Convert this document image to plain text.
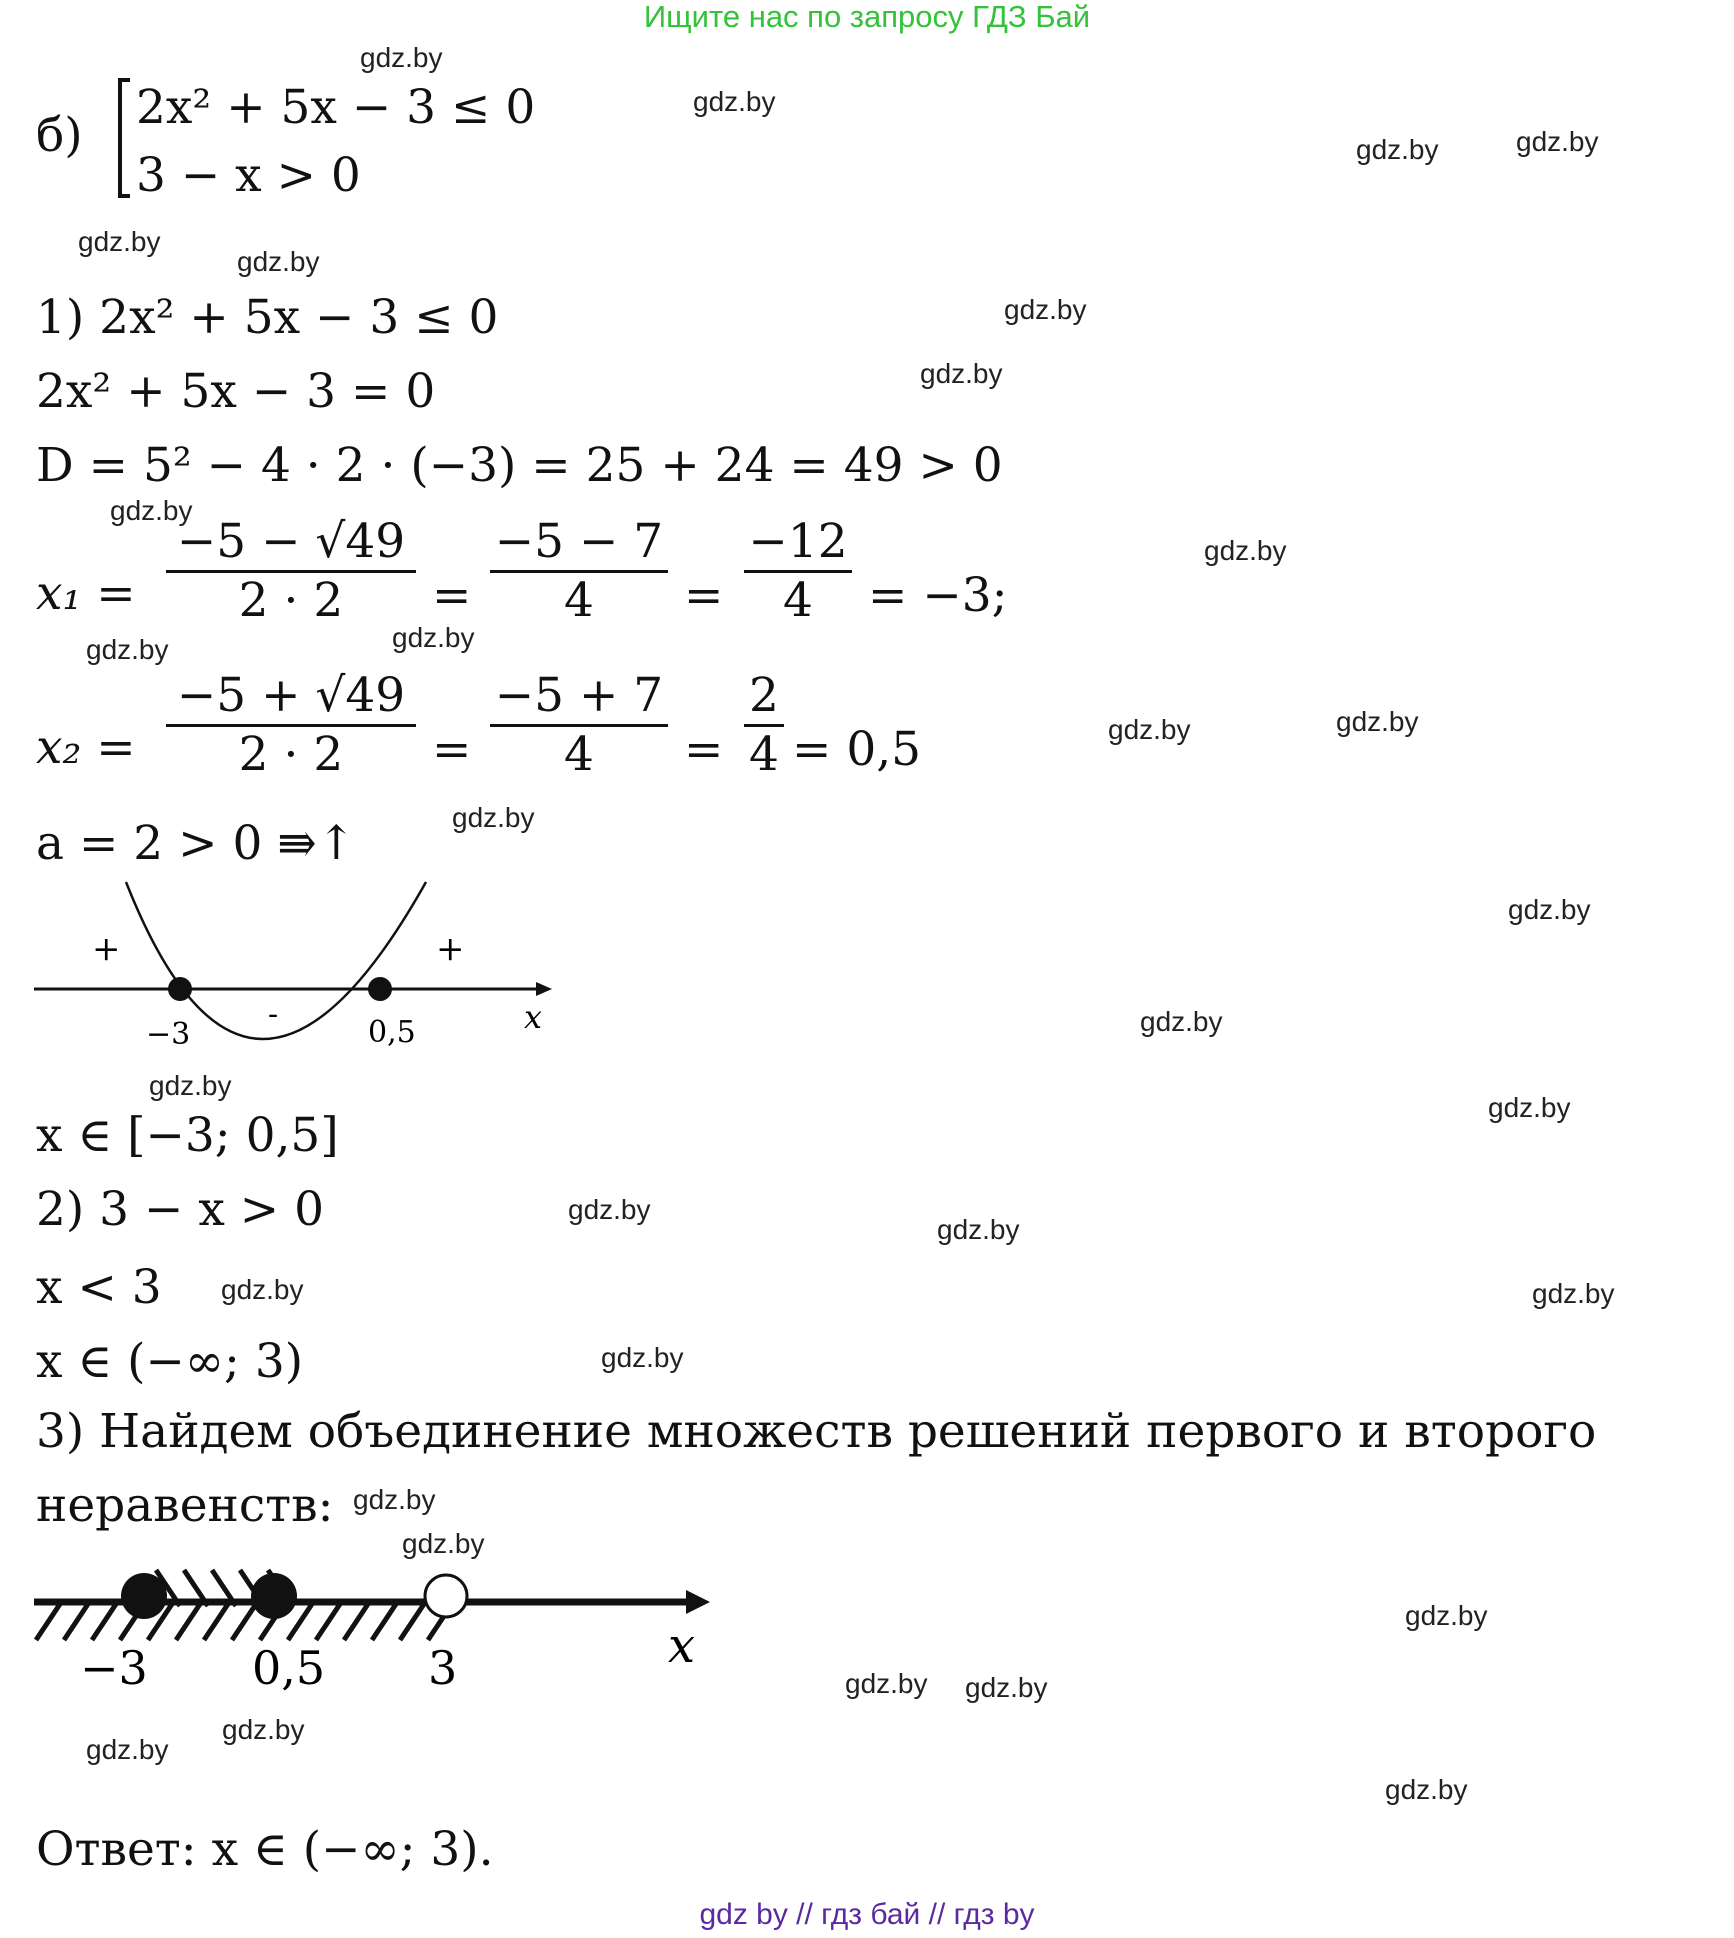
Ищите нас по запросу ГДЗ Бай
gdz.by
gdz.by
gdz.by	gdz.by
gdz.by
gdz.by
gdz.by
gdz.by
gdz.by
gdz.by
gdz.by	gdz.by
gdz.by	gdz.by
gdz.by
gdz.by
gdz.by
gdz.by
gdz.by
gdz.by
gdz.by
gdz.by	gdz.by
gdz.by
gdz.by
gdz.by
gdz.by
gdz.by gdz.by
gdz.by
gdz.by
gdz.by
б)
2x² + 5x − 3 ≤ 0
3 − x > 0
1) 2x² + 5x − 3 ≤ 0
2x² + 5x − 3 = 0
D = 5² − 4 · 2 · (−3) = 25 + 24 = 49 > 0
x₁ =
−5 − √49
2 · 2	=
−5 − 7
4	=
−12
4	= −3;
x₂ =
−5 + √49
2 · 2	=
−5 + 7
4	=
2
4 = 0,5
a = 2 > 0 ⇛↑
+
-
+
−3	0,5	x
x ∈ [−3; 0,5]
2) 3 − x > 0
x < 3
x ∈ (−∞; 3)
3) Найдем объединение множеств решений первого и второго
неравенств:
−3 0,5 3	x
Ответ: x ∈ (−∞; 3).
gdz by // гдз бай // гдз by
